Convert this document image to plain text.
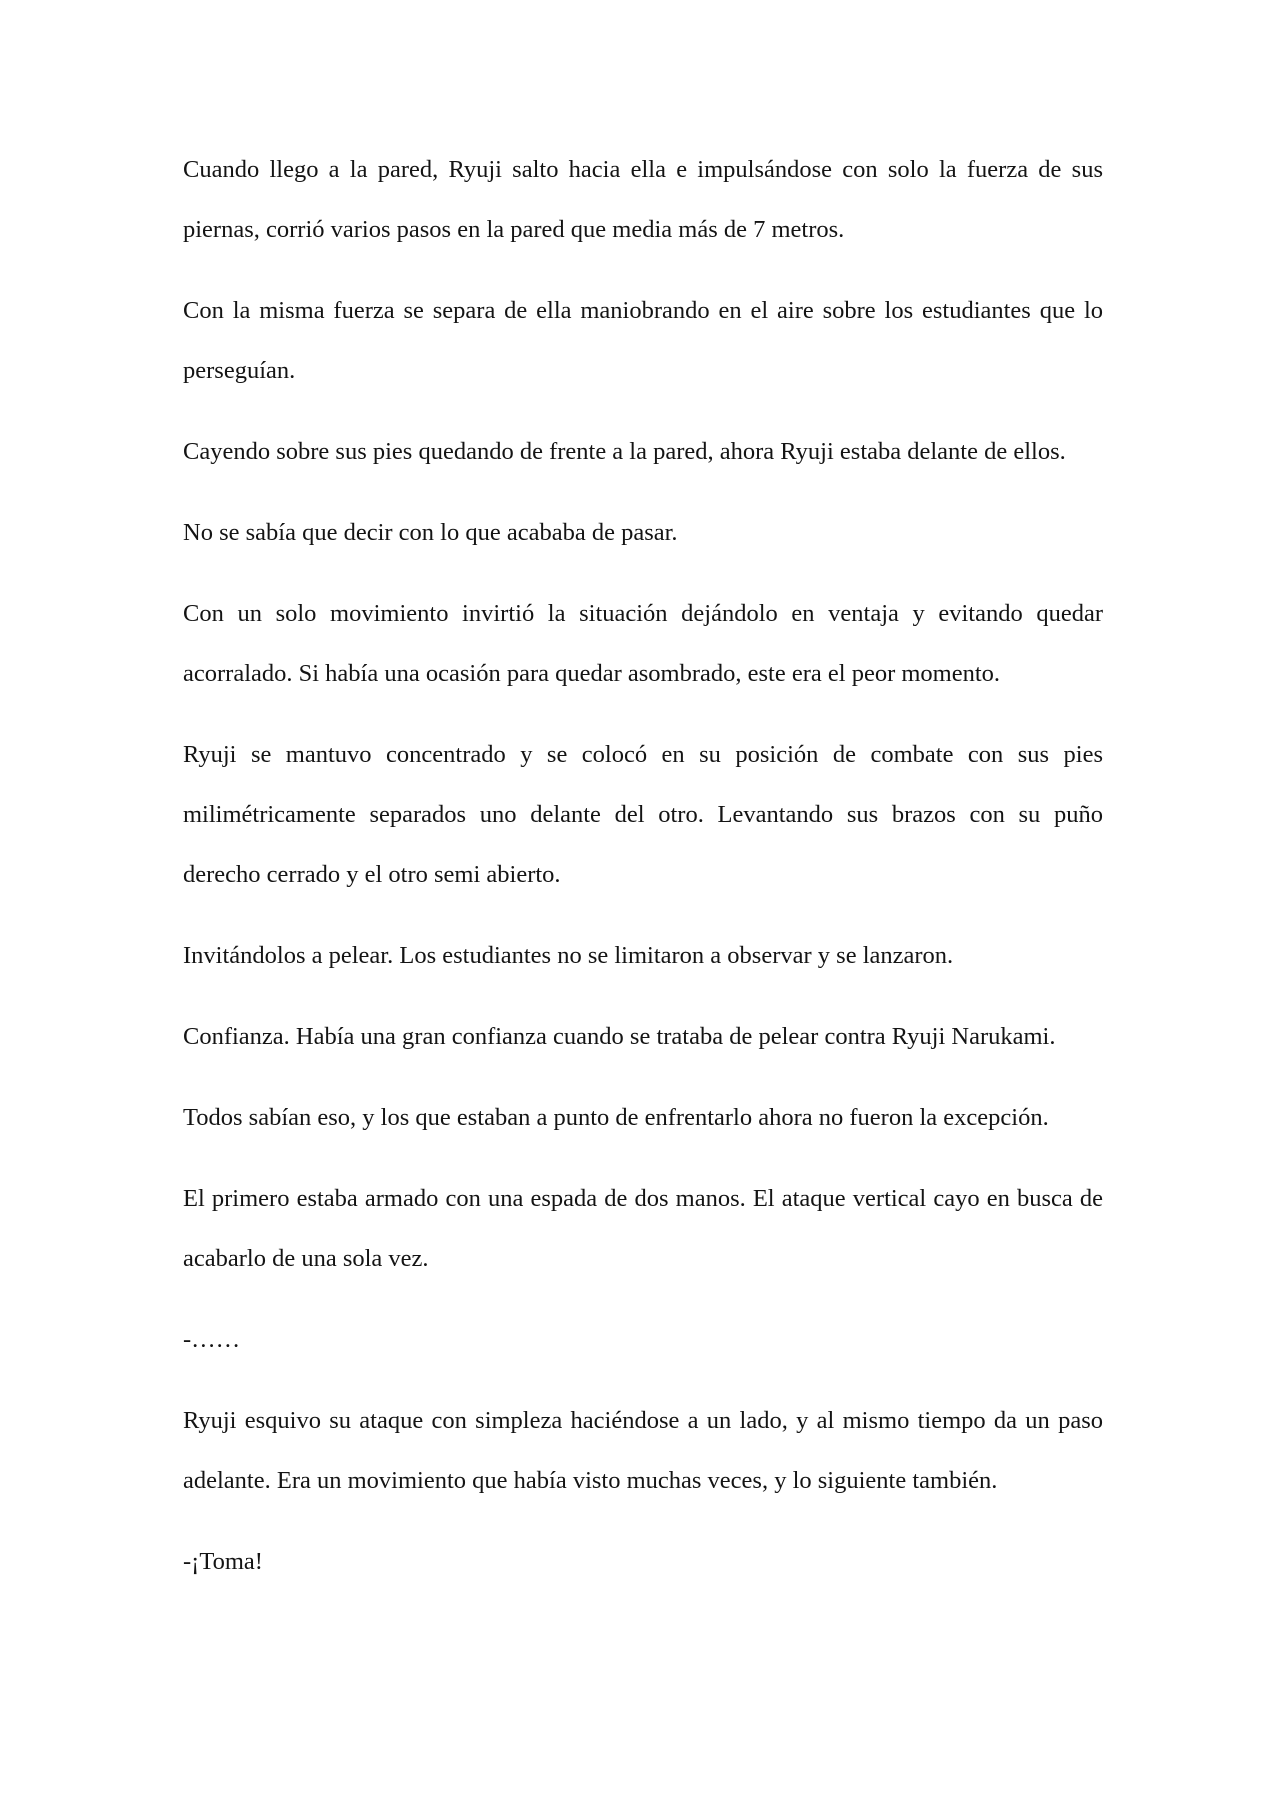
Cuando llego a la pared, Ryuji salto hacia ella e impulsándose con solo la fuerza de sus piernas, corrió varios pasos en la pared que media más de 7 metros.

Con la misma fuerza se separa de ella maniobrando en el aire sobre los estudiantes que lo perseguían.

Cayendo sobre sus pies quedando de frente a la pared, ahora Ryuji estaba delante de ellos.

No se sabía que decir con lo que acababa de pasar.

Con un solo movimiento invirtió la situación dejándolo en ventaja y evitando quedar acorralado. Si había una ocasión para quedar asombrado, este era el peor momento.

Ryuji se mantuvo concentrado y se colocó en su posición de combate con sus pies milimétricamente separados uno delante del otro. Levantando sus brazos con su puño derecho cerrado y el otro semi abierto.

Invitándolos a pelear. Los estudiantes no se limitaron a observar y se lanzaron.

Confianza. Había una gran confianza cuando se trataba de pelear contra Ryuji Narukami.

Todos sabían eso, y los que estaban a punto de enfrentarlo ahora no fueron la excepción.

El primero estaba armado con una espada de dos manos. El ataque vertical cayo en busca de acabarlo de una sola vez.

-……

Ryuji esquivo su ataque con simpleza haciéndose a un lado, y al mismo tiempo da un paso adelante. Era un movimiento que había visto muchas veces, y lo siguiente también.

-¡Toma!
